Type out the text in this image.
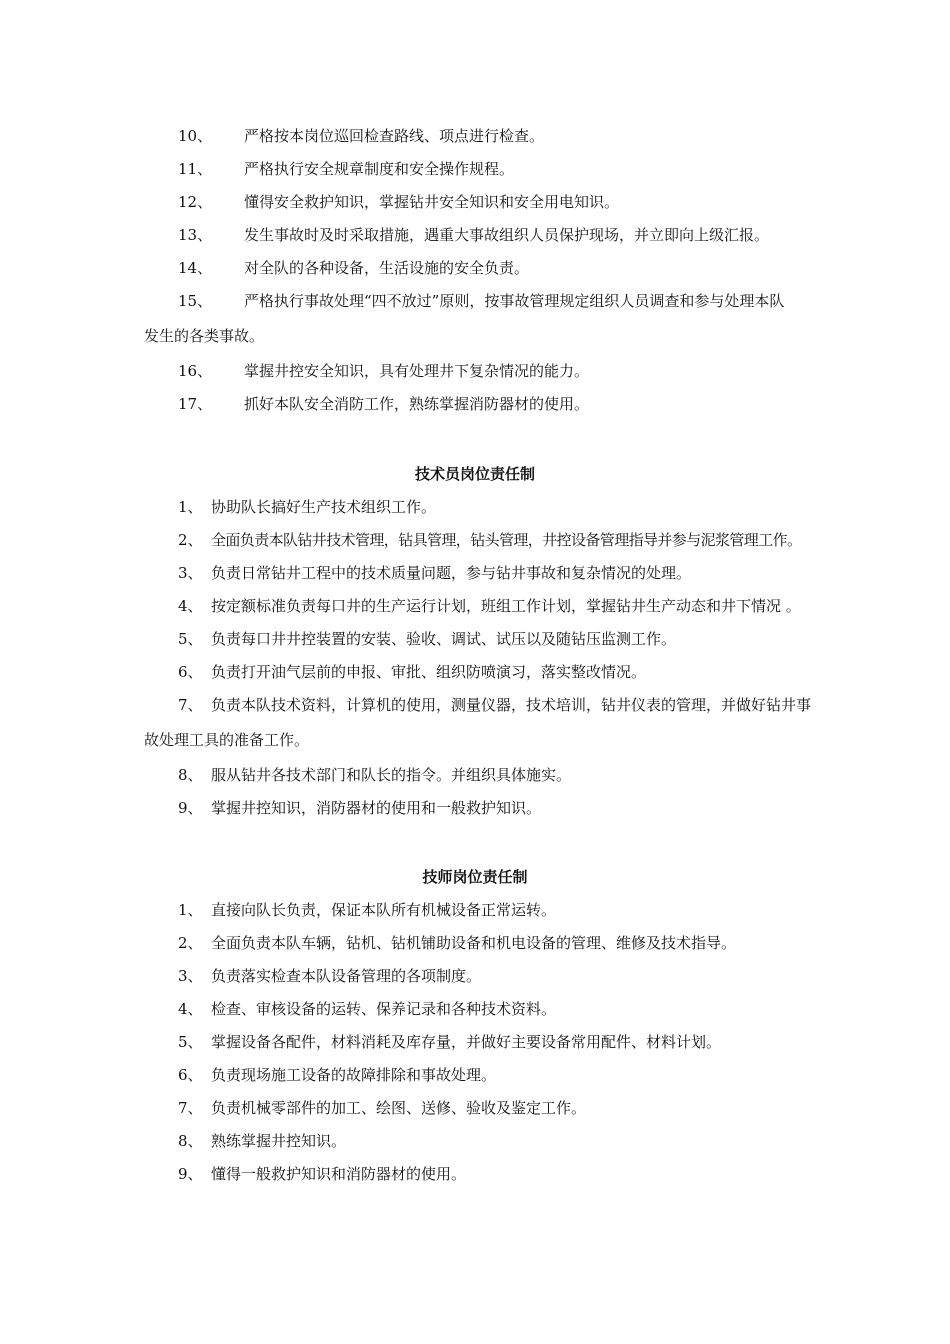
10、 严格按本岗位巡回检查路线、项点进行检查。
11、 严格执行安全规章制度和安全操作规程。
12、 懂得安全救护知识，掌握钻井安全知识和安全用电知识。
13、 发生事故时及时采取措施，遇重大事故组织人员保护现场，并立即向上级汇报。
14、 对全队的各种设备，生活设施的安全负责。
15、 严格执行事故处理“四不放过”原则，按事故管理规定组织人员调查和参与处理本队
发生的各类事故。
16、 掌握井控安全知识，具有处理井下复杂情况的能力。
17、 抓好本队安全消防工作，熟练掌握消防器材的使用。
技术员岗位责任制
1、 协助队长搞好生产技术组织工作。
2、 全面负责本队钻井技术管理，钻具管理，钻头管理，井控设备管理指导并参与泥浆管理工作。
3、 负责日常钻井工程中的技术质量问题，参与钻井事故和复杂情况的处理。
4、 按定额标准负责每口井的生产运行计划，班组工作计划，掌握钻井生产动态和井下情况 。
5、 负责每口井井控装置的安装、验收、调试、试压以及随钻压监测工作。
6、 负责打开油气层前的申报、审批、组织防喷演习，落实整改情况。
7、 负责本队技术资料，计算机的使用，测量仪器，技术培训，钻井仪表的管理，并做好钻井事
故处理工具的准备工作。
8、 服从钻井各技术部门和队长的指令。并组织具体施实。
9、 掌握井控知识，消防器材的使用和一般救护知识。
技师岗位责任制
1、 直接向队长负责，保证本队所有机械设备正常运转。
2、 全面负责本队车辆，钻机、钻机铺助设备和机电设备的管理、维修及技术指导。
3、 负责落实检查本队设备管理的各项制度。
4、 检查、审核设备的运转、保养记录和各种技术资料。
5、 掌握设备各配件，材料消耗及库存量，并做好主要设备常用配件、材料计划。
6、 负责现场施工设备的故障排除和事故处理。
7、 负责机械零部件的加工、绘图、送修、验收及鉴定工作。
8、 熟练掌握井控知识。
9、 懂得一般救护知识和消防器材的使用。
